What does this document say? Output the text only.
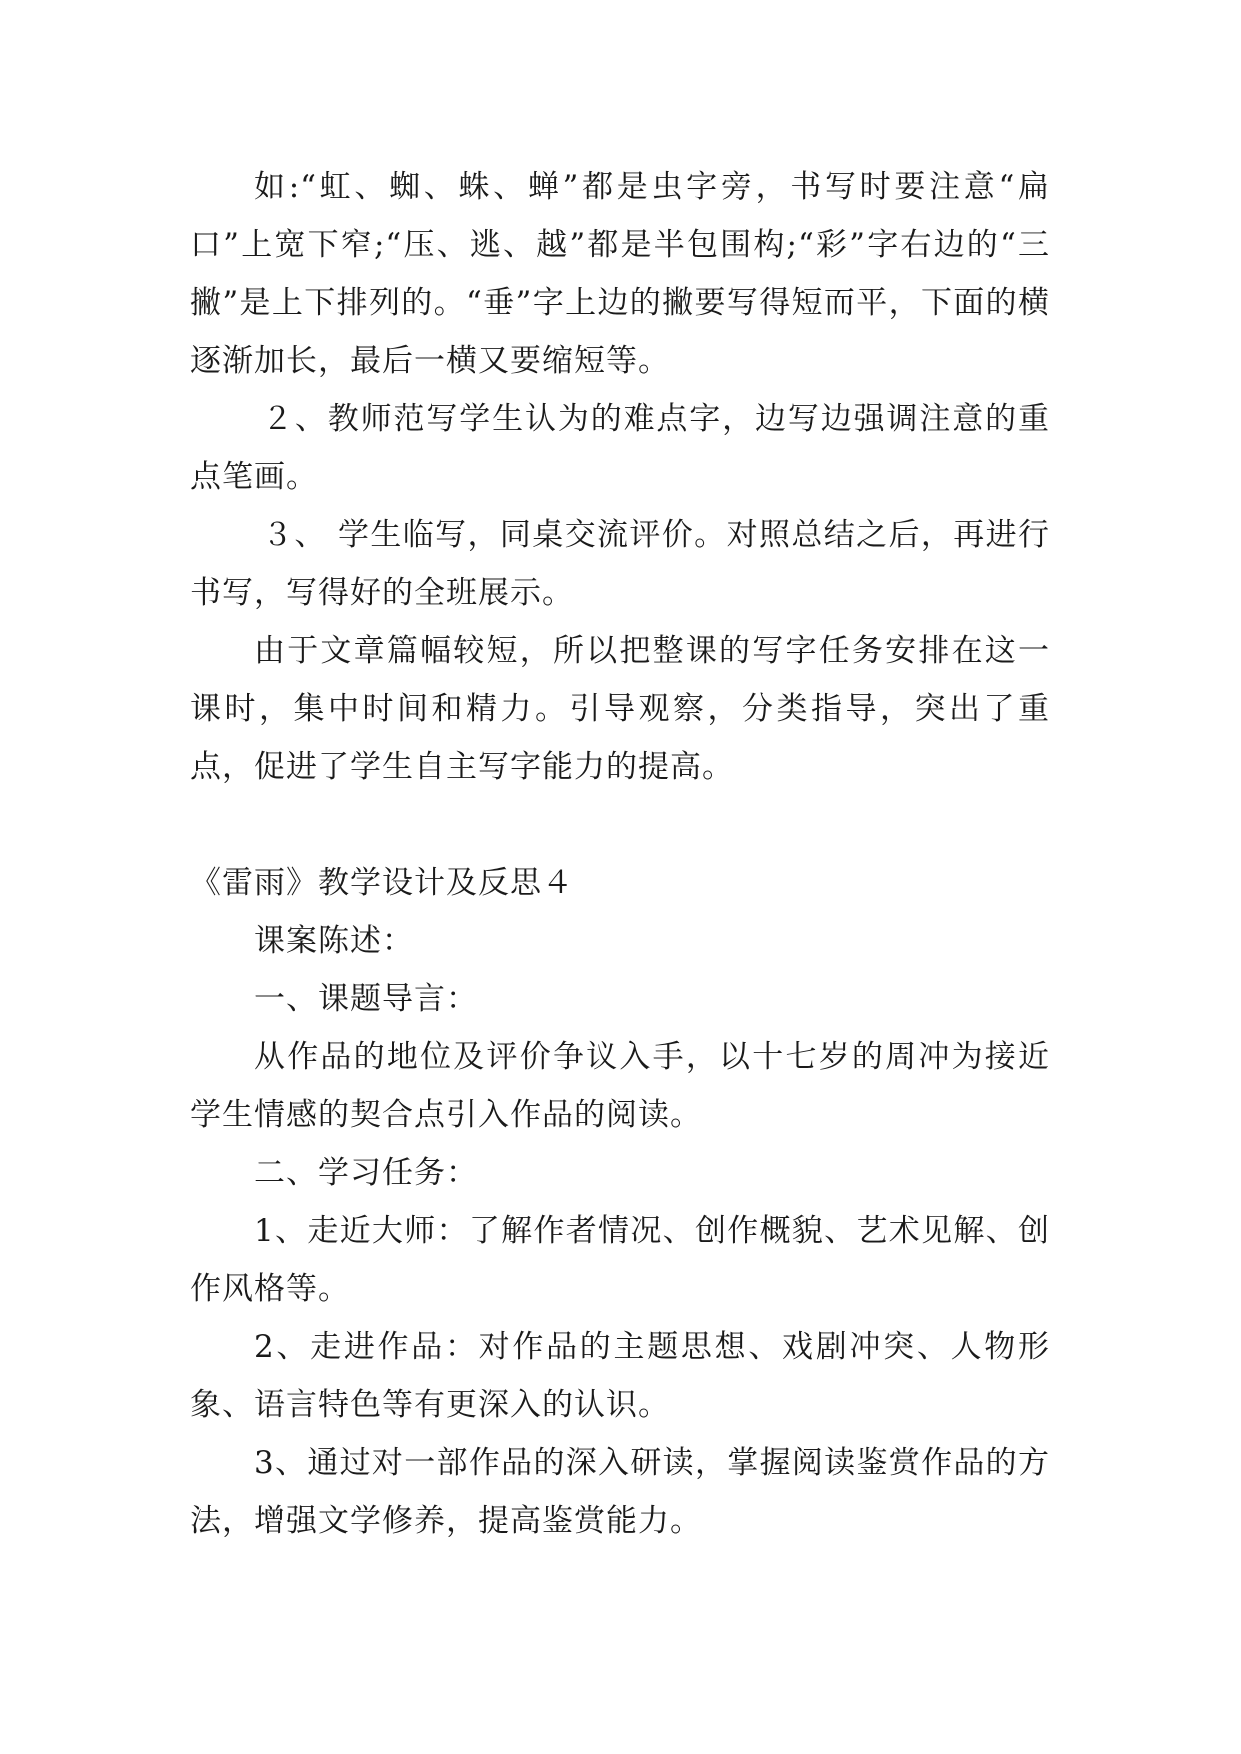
如:“虹、蜘、蛛、蝉”都是虫字旁，书写时要注意“扁口”上宽下窄;“压、逃、越”都是半包围构;“彩”字右边的“三撇”是上下排列的。“垂”字上边的撇要写得短而平，下面的横逐渐加长，最后一横又要缩短等。

２、教师范写学生认为的难点字，边写边强调注意的重点笔画。

３、 学生临写，同桌交流评价。对照总结之后，再进行书写，写得好的全班展示。

由于文章篇幅较短，所以把整课的写字任务安排在这一课时，集中时间和精力。引导观察，分类指导，突出了重点，促进了学生自主写字能力的提高。

《雷雨》教学设计及反思４

课案陈述：

一、课题导言：

从作品的地位及评价争议入手，以十七岁的周冲为接近学生情感的契合点引入作品的阅读。

二、学习任务：

1、走近大师：了解作者情况、创作概貌、艺术见解、创作风格等。

2、走进作品：对作品的主题思想、戏剧冲突、人物形象、语言特色等有更深入的认识。

3、通过对一部作品的深入研读，掌握阅读鉴赏作品的方法，增强文学修养，提高鉴赏能力。
